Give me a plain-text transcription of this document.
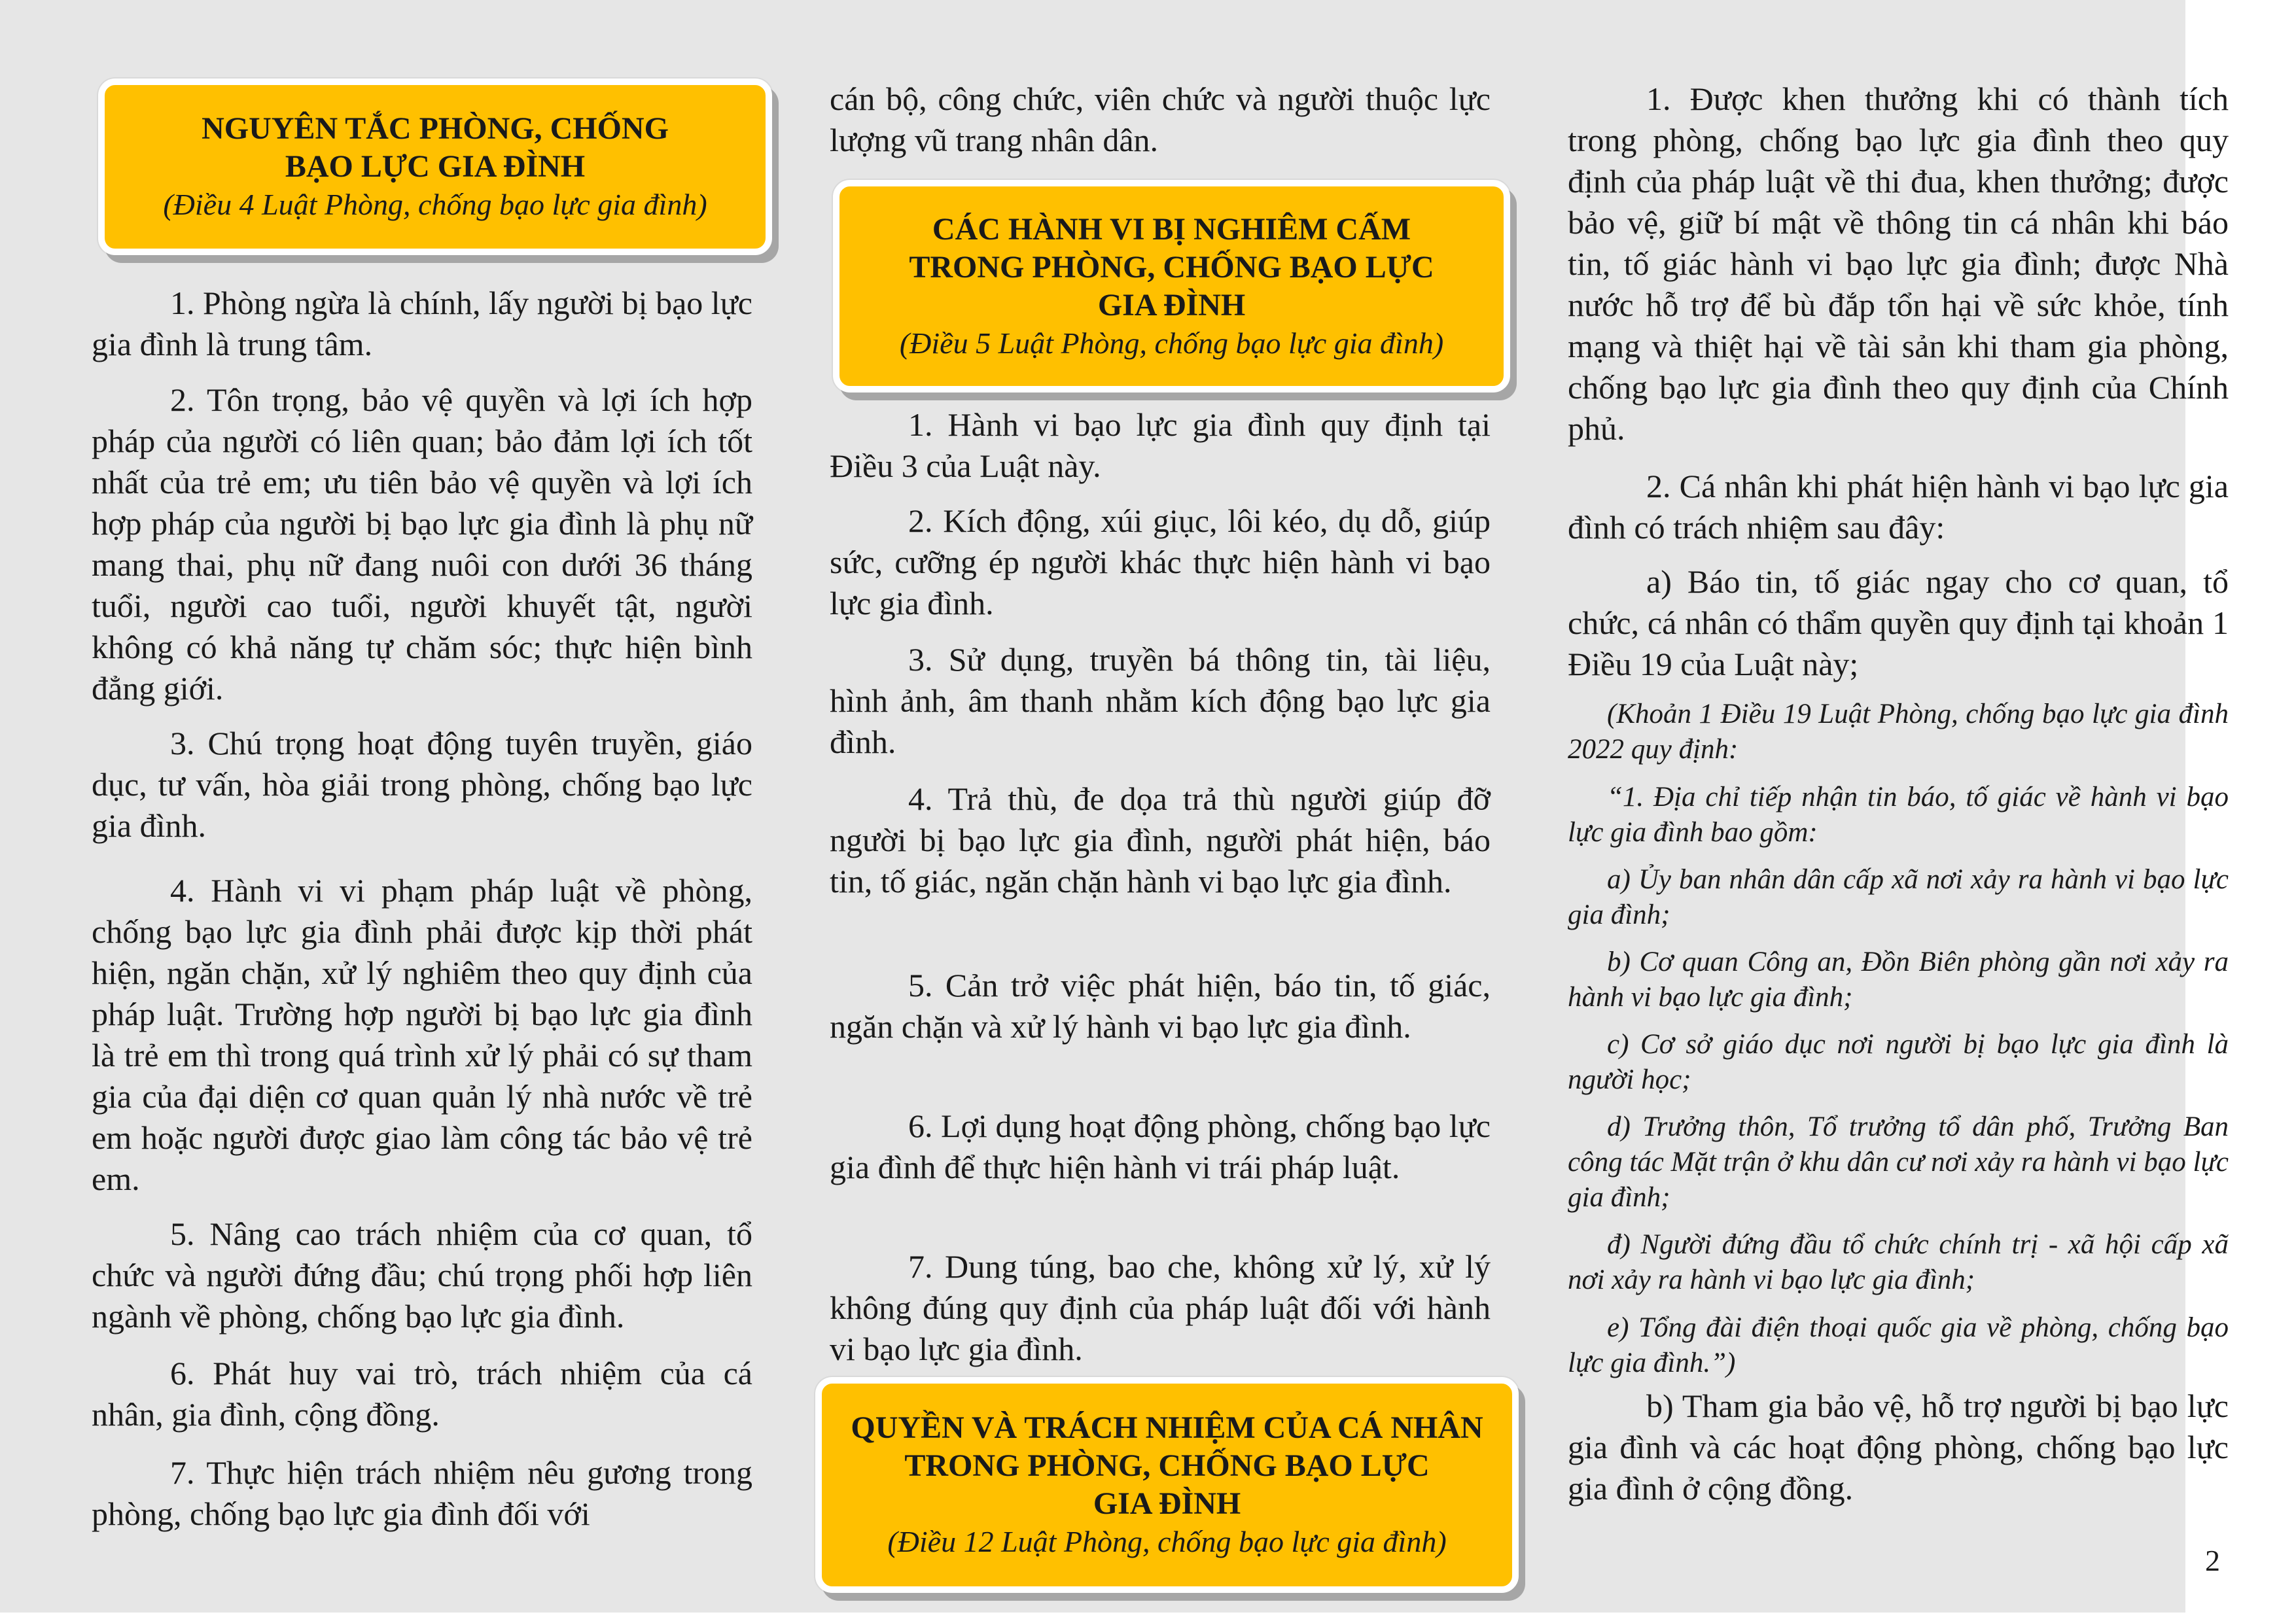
NGUYÊN TẮC PHÒNG, CHỐNG

BẠO LỰC GIA ĐÌNH

(Điều 4 Luật Phòng, chống bạo lực gia đình)

1. Phòng ngừa là chính, lấy người bị bạo lực gia đình là trung tâm.

2. Tôn trọng, bảo vệ quyền và lợi ích hợp pháp của người có liên quan; bảo đảm lợi ích tốt nhất của trẻ em; ưu tiên bảo vệ quyền và lợi ích hợp pháp của người bị bạo lực gia đình là phụ nữ mang thai, phụ nữ đang nuôi con dưới 36 tháng tuổi, người cao tuổi, người khuyết tật, người không có khả năng tự chăm sóc; thực hiện bình đẳng giới.

3. Chú trọng hoạt động tuyên truyền, giáo dục, tư vấn, hòa giải trong phòng, chống bạo lực gia đình.

4. Hành vi vi phạm pháp luật về phòng, chống bạo lực gia đình phải được kịp thời phát hiện, ngăn chặn, xử lý nghiêm theo quy định của pháp luật. Trường hợp người bị bạo lực gia đình là trẻ em thì trong quá trình xử lý phải có sự tham gia của đại diện cơ quan quản lý nhà nước về trẻ em hoặc người được giao làm công tác bảo vệ trẻ em.

5. Nâng cao trách nhiệm của cơ quan, tổ chức và người đứng đầu; chú trọng phối hợp liên ngành về phòng, chống bạo lực gia đình.

6. Phát huy vai trò, trách nhiệm của cá nhân, gia đình, cộng đồng.

7. Thực hiện trách nhiệm nêu gương trong phòng, chống bạo lực gia đình đối với

cán bộ, công chức, viên chức và người thuộc lực lượng vũ trang nhân dân.

CÁC HÀNH VI BỊ NGHIÊM CẤM

TRONG PHÒNG, CHỐNG BẠO LỰC

GIA ĐÌNH

(Điều 5 Luật Phòng, chống bạo lực gia đình)

1. Hành vi bạo lực gia đình quy định tại Điều 3 của Luật này.

2. Kích động, xúi giục, lôi kéo, dụ dỗ, giúp sức, cưỡng ép người khác thực hiện hành vi bạo lực gia đình.

3. Sử dụng, truyền bá thông tin, tài liệu, hình ảnh, âm thanh nhằm kích động bạo lực gia đình.

4. Trả thù, đe dọa trả thù người giúp đỡ người bị bạo lực gia đình, người phát hiện, báo tin, tố giác, ngăn chặn hành vi bạo lực gia đình.

5. Cản trở việc phát hiện, báo tin, tố giác, ngăn chặn và xử lý hành vi bạo lực gia đình.

6. Lợi dụng hoạt động phòng, chống bạo lực gia đình để thực hiện hành vi trái pháp luật.

7. Dung túng, bao che, không xử lý, xử lý không đúng quy định của pháp luật đối với hành vi bạo lực gia đình.

QUYỀN VÀ TRÁCH NHIỆM CỦA CÁ NHÂN

TRONG PHÒNG, CHỐNG BẠO LỰC

GIA ĐÌNH

(Điều 12 Luật Phòng, chống bạo lực gia đình)

1. Được khen thưởng khi có thành tích trong phòng, chống bạo lực gia đình theo quy định của pháp luật về thi đua, khen thưởng; được bảo vệ, giữ bí mật về thông tin cá nhân khi báo tin, tố giác hành vi bạo lực gia đình; được Nhà nước hỗ trợ để bù đắp tổn hại về sức khỏe, tính mạng và thiệt hại về tài sản khi tham gia phòng, chống bạo lực gia đình theo quy định của Chính phủ.

2. Cá nhân khi phát hiện hành vi bạo lực gia đình có trách nhiệm sau đây:

a) Báo tin, tố giác ngay cho cơ quan, tổ chức, cá nhân có thẩm quyền quy định tại khoản 1 Điều 19 của Luật này;

(Khoản 1 Điều 19 Luật Phòng, chống bạo lực gia đình 2022 quy định:

“1. Địa chỉ tiếp nhận tin báo, tố giác về hành vi bạo lực gia đình bao gồm:

a) Ủy ban nhân dân cấp xã nơi xảy ra hành vi bạo lực gia đình;

b) Cơ quan Công an, Đồn Biên phòng gần nơi xảy ra hành vi bạo lực gia đình;

c) Cơ sở giáo dục nơi người bị bạo lực gia đình là người học;

d) Trưởng thôn, Tổ trưởng tổ dân phố, Trưởng Ban công tác Mặt trận ở khu dân cư nơi xảy ra hành vi bạo lực gia đình;

đ) Người đứng đầu tổ chức chính trị - xã hội cấp xã nơi xảy ra hành vi bạo lực gia đình;

e) Tổng đài điện thoại quốc gia về phòng, chống bạo lực gia đình.”)

b) Tham gia bảo vệ, hỗ trợ người bị bạo lực gia đình và các hoạt động phòng, chống bạo lực gia đình ở cộng đồng.

2
